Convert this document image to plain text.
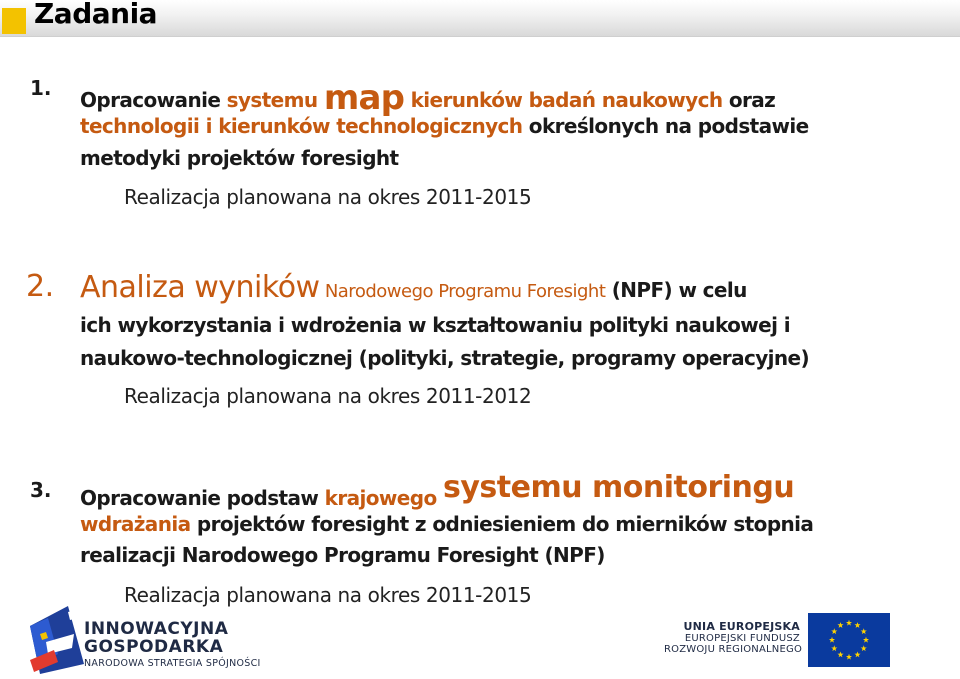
Zadania
1. Opracowanie systemu map kierunków badań naukowych oraz
technologii i kierunków technologicznych określonych na podstawie
metodyki projektów foresight
Realizacja planowana na okres 2011-2015
2. Analiza wyników Narodowego Programu Foresight (NPF) w celu
ich wykorzystania i wdrożenia w kształtowaniu polityki naukowej i
naukowo-technologicznej (polityki, strategie, programy operacyjne)
Realizacja planowana na okres 2011-2012
3. Opracowanie podstaw krajowego systemu monitoringu
wdrażania projektów foresight z odniesieniem do mierników stopnia
realizacji Narodowego Programu Foresight (NPF)
Realizacja planowana na okres 2011-2015
INNOWACYJNA
GOSPODARKA
NARODOWA STRATEGIA SPÓJNOŚCI
UNIA EUROPEJSKA
EUROPEJSKI FUNDUSZ
ROZWOJU REGIONALNEGO
